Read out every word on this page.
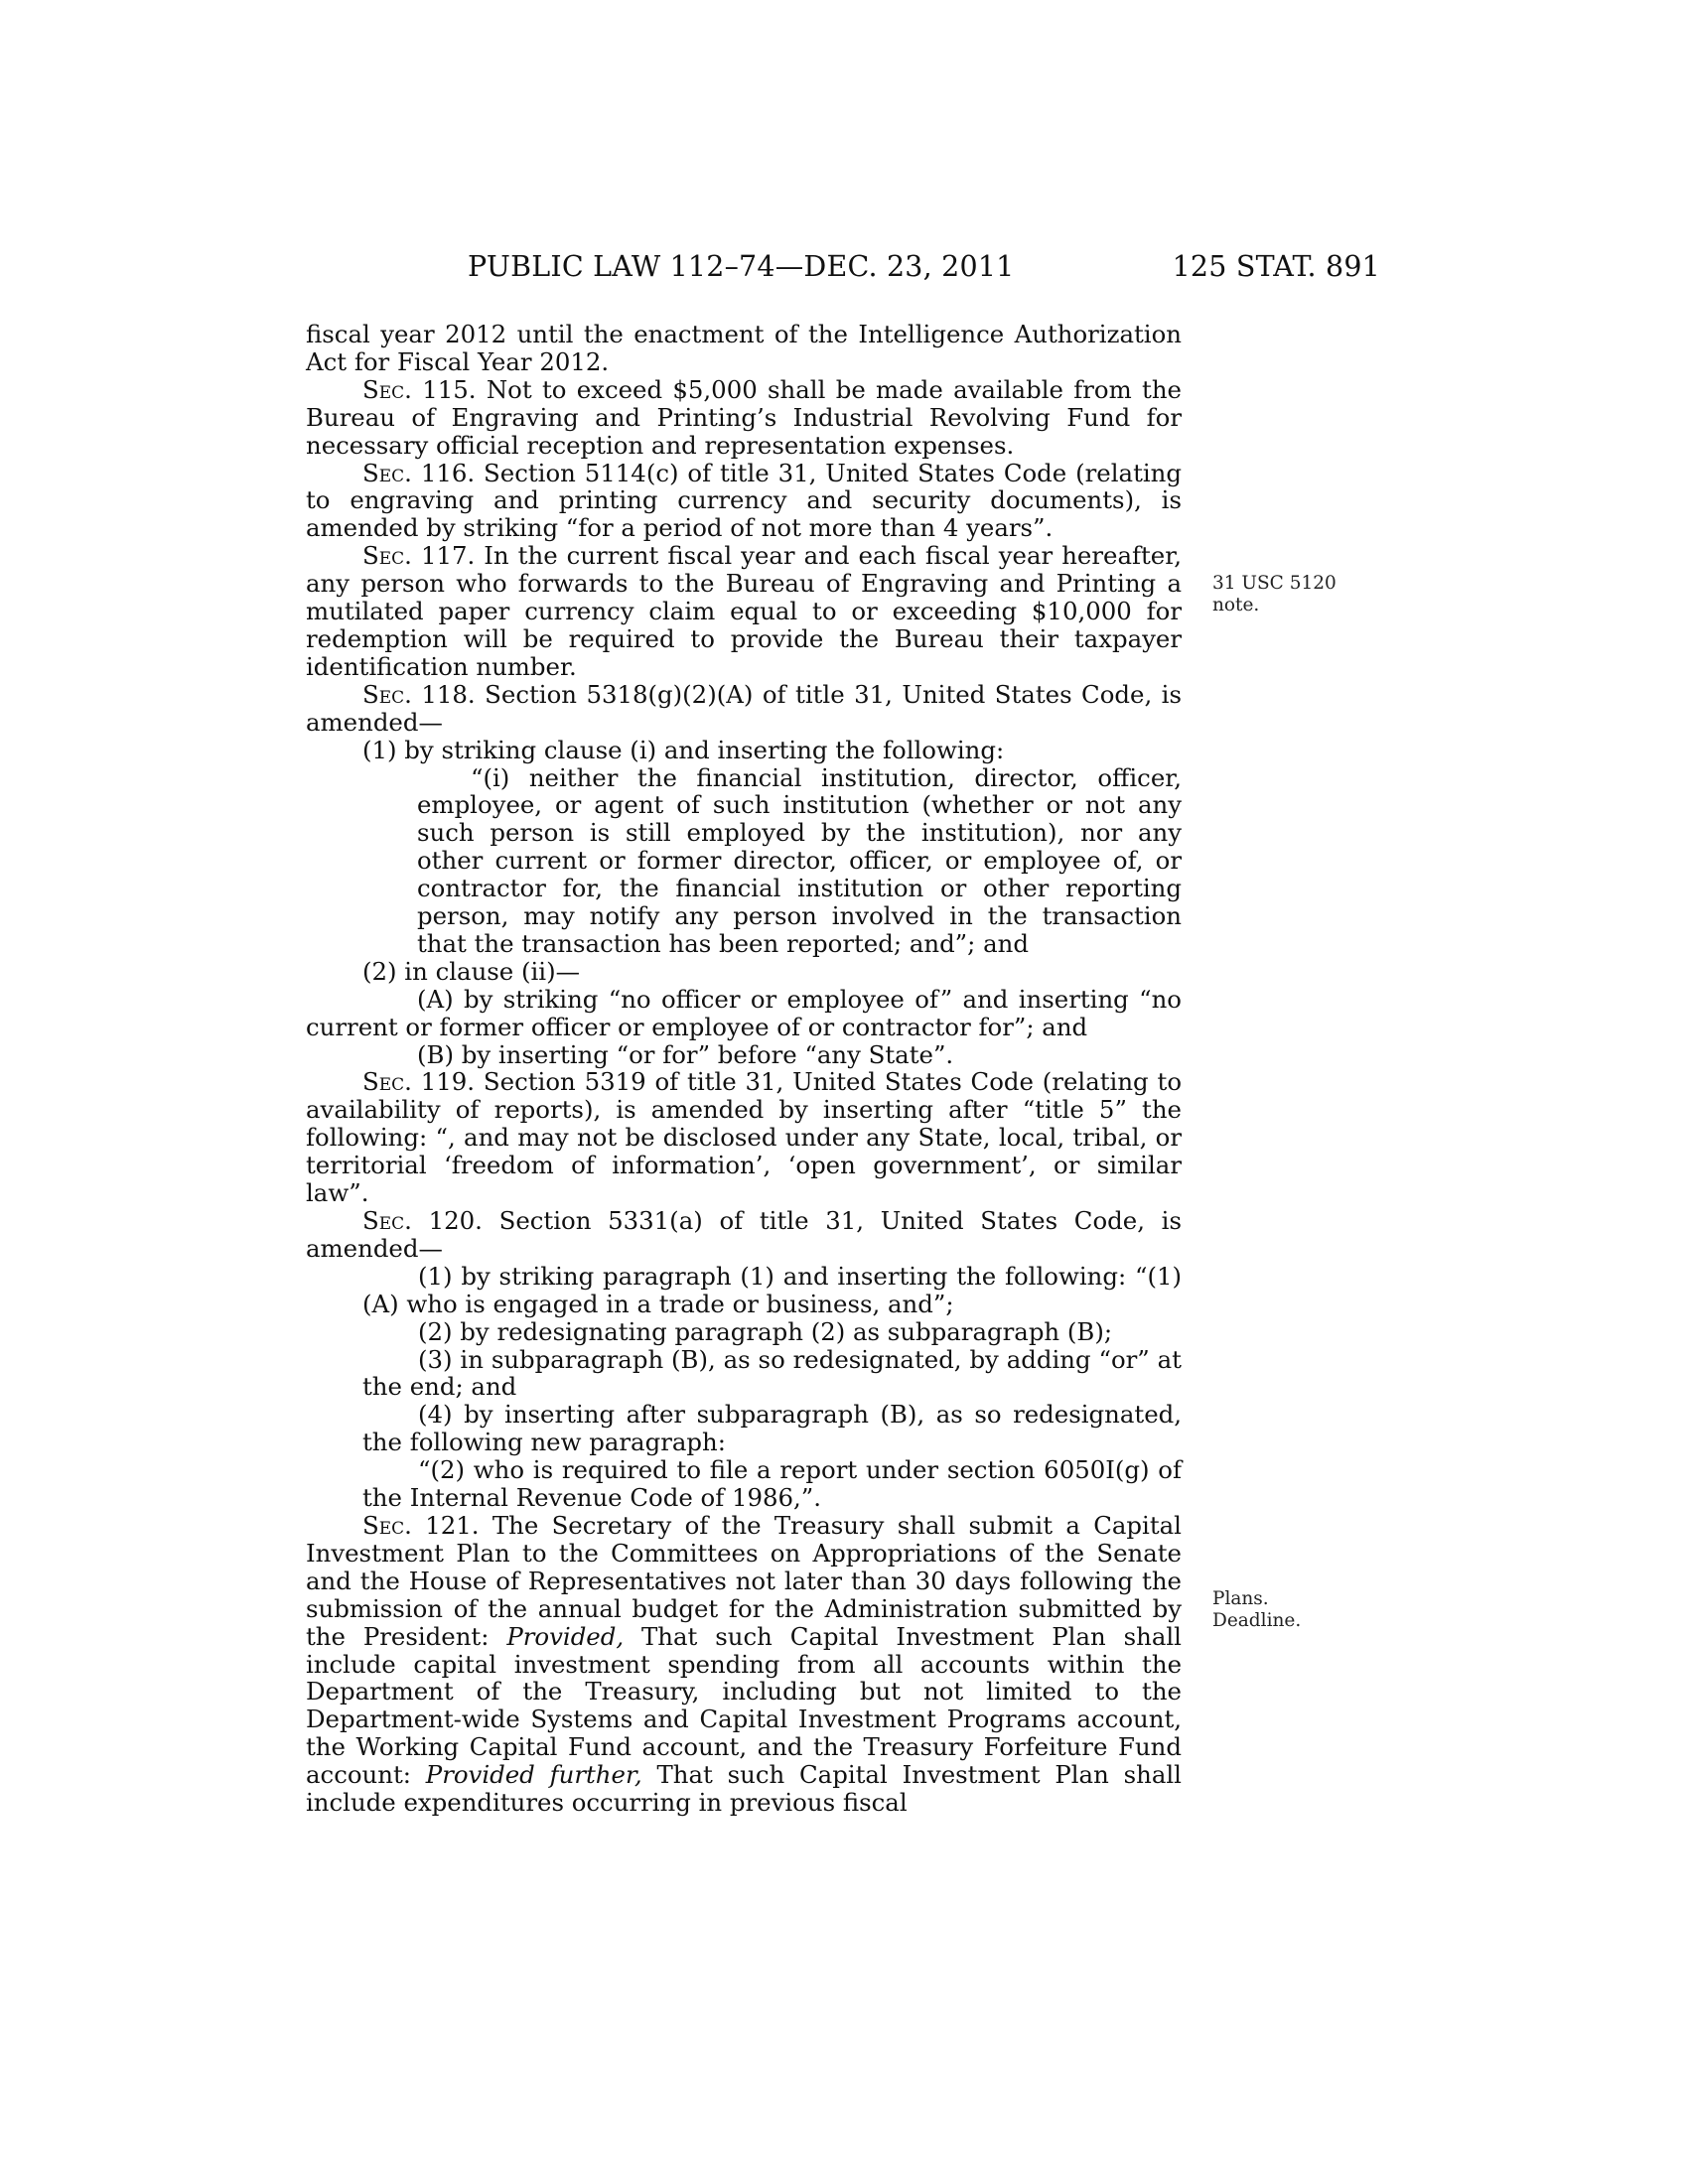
PUBLIC LAW 112–74—DEC. 23, 2011	125 STAT. 891
31 USC 5120
note.
Plans.
Deadline.

fiscal year 2012 until the enactment of the Intelligence Authorization Act for Fiscal Year 2012.

Sec. 115. Not to exceed $5,000 shall be made available from the Bureau of Engraving and Printing’s Industrial Revolving Fund for necessary official reception and representation expenses.

Sec. 116. Section 5114(c) of title 31, United States Code (relating to engraving and printing currency and security documents), is amended by striking “for a period of not more than 4 years”.

Sec. 117. In the current fiscal year and each fiscal year hereafter, any person who forwards to the Bureau of Engraving and Printing a mutilated paper currency claim equal to or exceeding $10,000 for redemption will be required to provide the Bureau their taxpayer identification number.

Sec. 118. Section 5318(g)(2)(A) of title 31, United States Code, is amended—

(1) by striking clause (i) and inserting the following:

“(i) neither the financial institution, director, officer, employee, or agent of such institution (whether or not any such person is still employed by the institution), nor any other current or former director, officer, or employee of, or contractor for, the financial institution or other reporting person, may notify any person involved in the transaction that the transaction has been reported; and”; and

(2) in clause (ii)—

(A) by striking “no officer or employee of” and inserting “no current or former officer or employee of or contractor for”; and

(B) by inserting “or for” before “any State”.

Sec. 119. Section 5319 of title 31, United States Code (relating to availability of reports), is amended by inserting after “title 5” the following: “, and may not be disclosed under any State, local, tribal, or territorial ‘freedom of information’, ‘open government’, or similar law”.

Sec. 120. Section 5331(a) of title 31, United States Code, is amended—

(1) by striking paragraph (1) and inserting the following: “(1)(A) who is engaged in a trade or business, and”;

(2) by redesignating paragraph (2) as subparagraph (B);

(3) in subparagraph (B), as so redesignated, by adding “or” at the end; and

(4) by inserting after subparagraph (B), as so redesignated, the following new paragraph:

“(2) who is required to file a report under section 6050I(g) of the Internal Revenue Code of 1986,”.

Sec. 121. The Secretary of the Treasury shall submit a Capital Investment Plan to the Committees on Appropriations of the Senate and the House of Representatives not later than 30 days following the submission of the annual budget for the Administration submitted by the President: Provided, That such Capital Investment Plan shall include capital investment spending from all accounts within the Department of the Treasury, including but not limited to the Department-wide Systems and Capital Investment Programs account, the Working Capital Fund account, and the Treasury Forfeiture Fund account: Provided further, That such Capital Investment Plan shall include expenditures occurring in previous fiscal
